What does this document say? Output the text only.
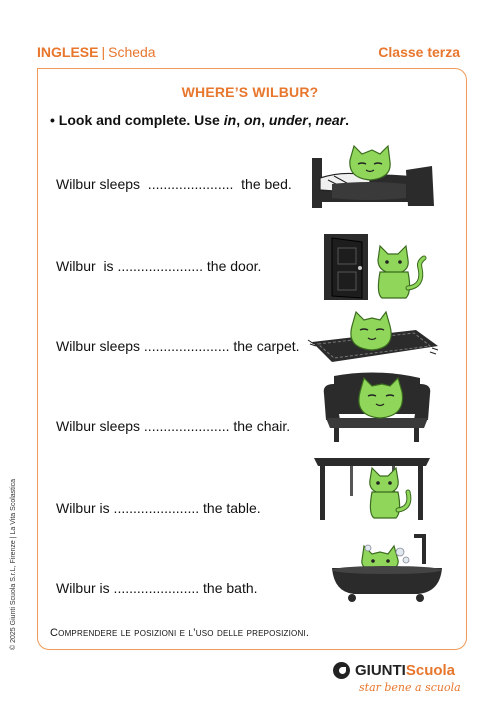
INGLESE | Scheda	Classe terza
WHERE’S WILBUR?
• Look and complete. Use in, on, under, near.
Wilbur sleeps  ......................  the bed.
Wilbur  is ...................... the door.
Wilbur sleeps ...................... the carpet.
Wilbur sleeps ...................... the chair.
Wilbur is ...................... the table.
Wilbur is ...................... the bath.
Comprendere le posizioni e l’uso delle preposizioni.
© 2025 Giunti Scuola S.r.L, Firenze | La Vita Scolastica
GIUNTIScuola
star bene a scuola
